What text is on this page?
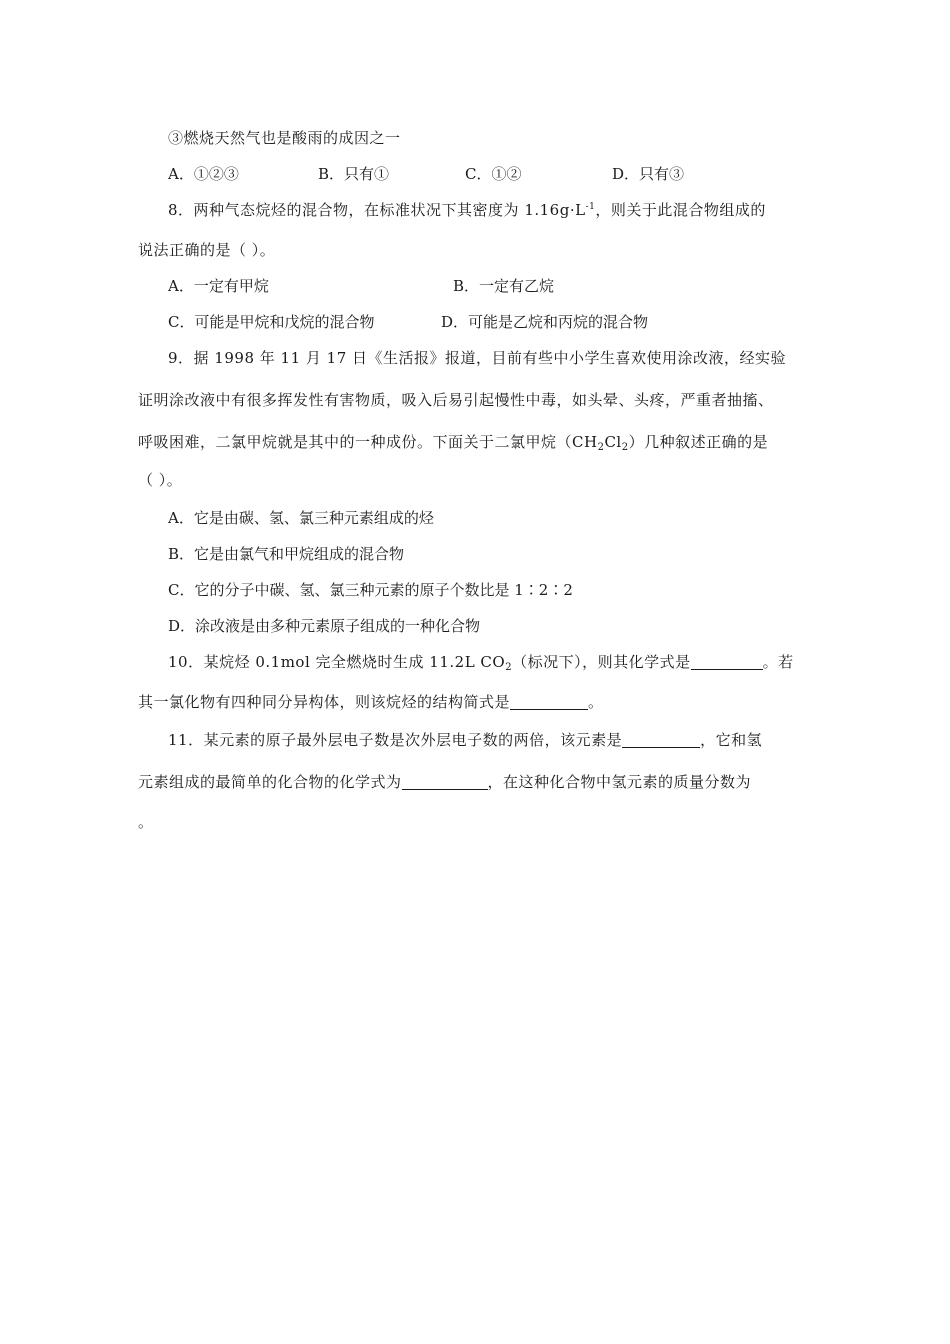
③燃烧天然气也是酸雨的成因之一
A．①②③	B．只有①	C．①②	D．只有③
8．两种气态烷烃的混合物，在标准状况下其密度为 $1.16g\cdot L^{-1}$，则关于此混合物组成的
说法正确的是（ ）。
A．一定有甲烷	B．一定有乙烷
C．可能是甲烷和戊烷的混合物	D．可能是乙烷和丙烷的混合物
9．据 1998 年 11 月 17 日《生活报》报道，目前有些中小学生喜欢使用涂改液，经实验
证明涂改液中有很多挥发性有害物质，吸入后易引起慢性中毒，如头晕、头疼，严重者抽搐、
呼吸困难，二氯甲烷就是其中的一种成份。下面关于二氯甲烷$(CH_2Cl_2)$几种叙述正确的是
（ ）。
A．它是由碳、氢、氯三种元素组成的烃
B．它是由氯气和甲烷组成的混合物
C．它的分子中碳、氢、氯三种元素的原子个数比是 1∶2∶2
D．涂改液是由多种元素原子组成的一种化合物
10．某烷烃 0.1mol 完全燃烧时生成 11.2L $CO_2$（标况下），则其化学式是	。若
其一氯化物有四种同分异构体，则该烷烃的结构简式是	。
11．某元素的原子最外层电子数是次外层电子数的两倍，该元素是	，它和氢
元素组成的最简单的化合物的化学式为	，在这种化合物中氢元素的质量分数为
。
